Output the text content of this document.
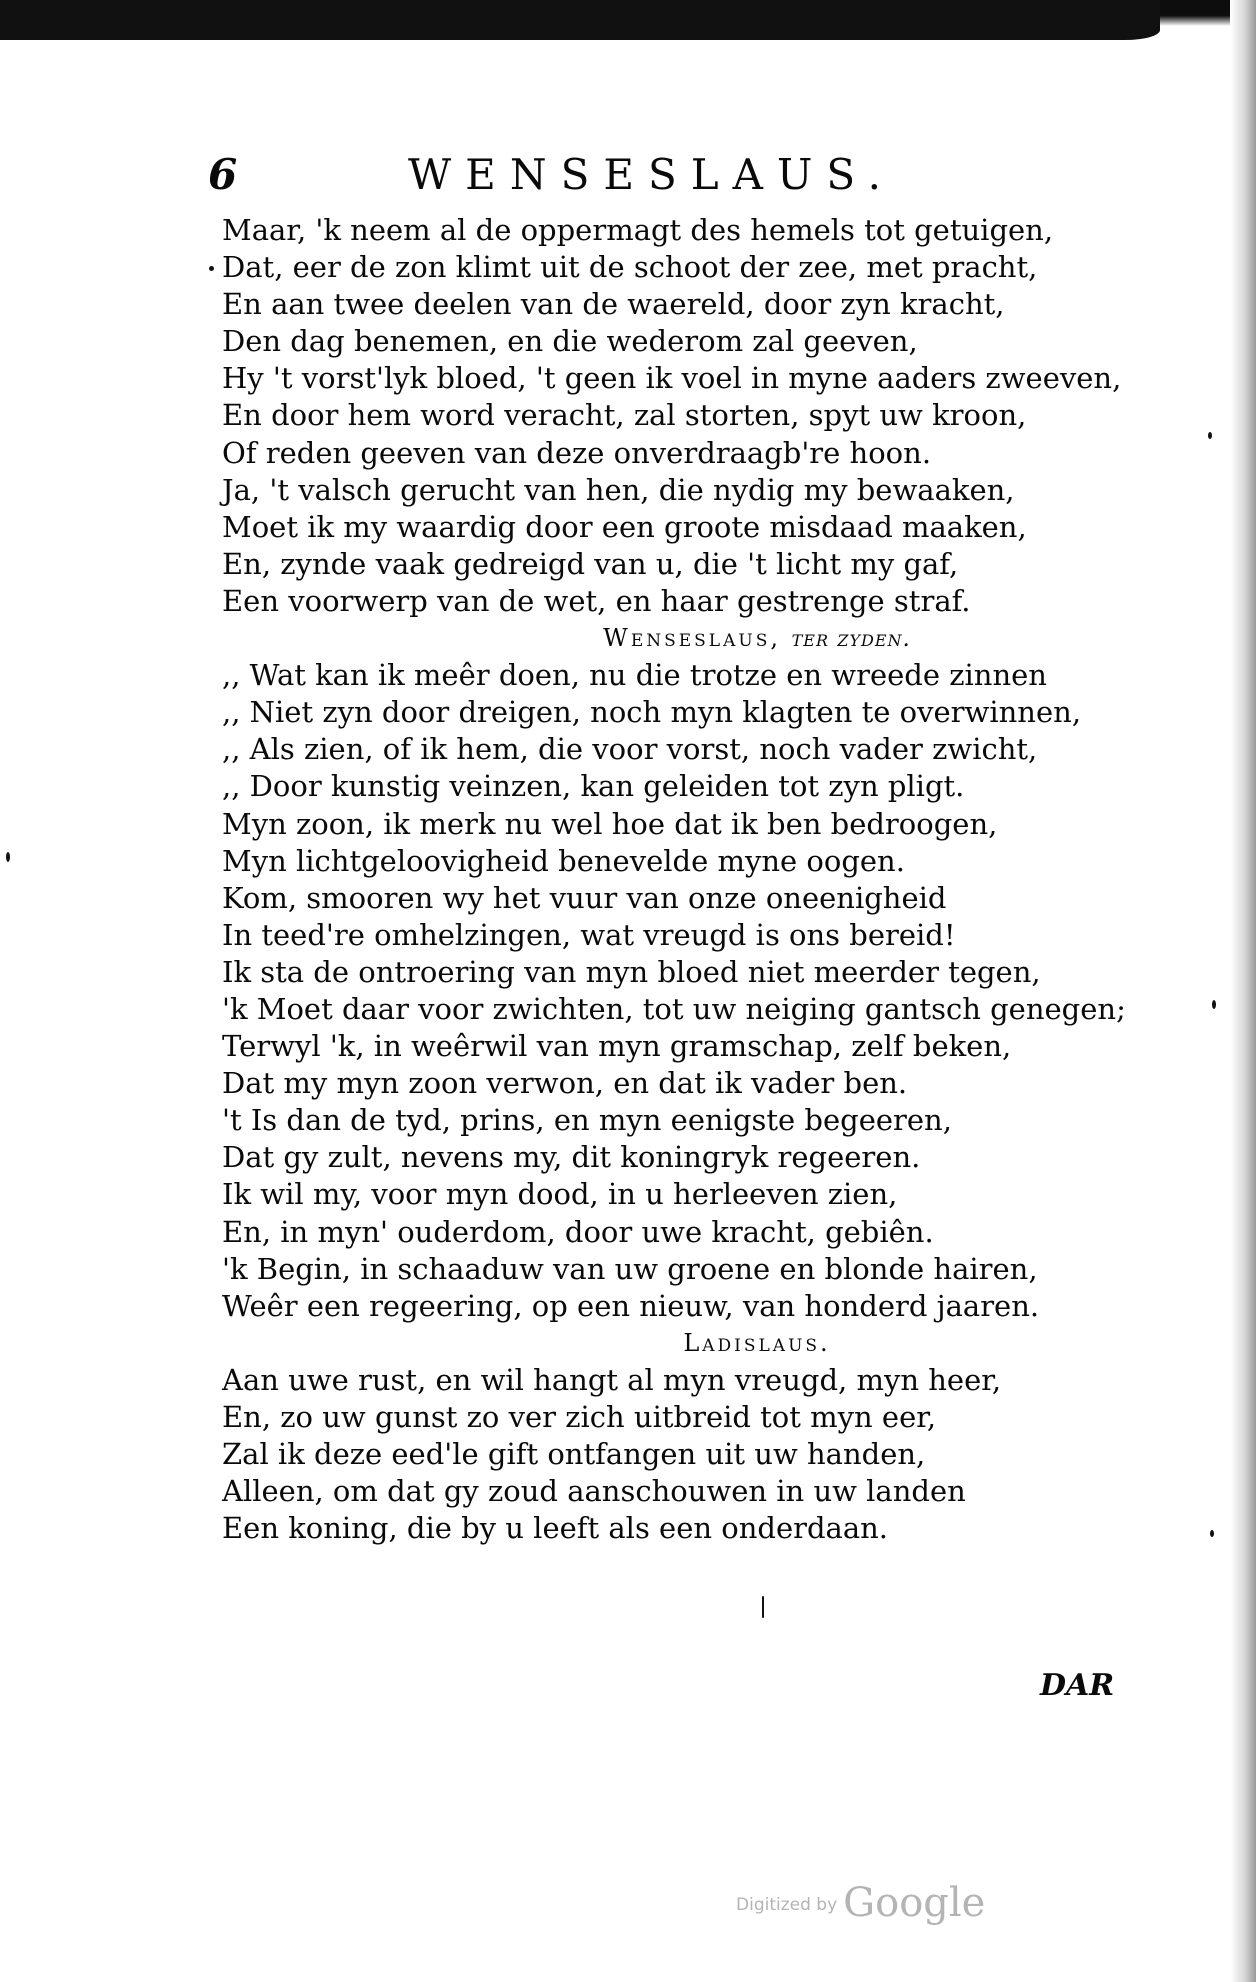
6	WENSESLAUS.
Maar, 'k neem al de oppermagt des hemels tot getuigen,
Dat, eer de zon klimt uit de schoot der zee, met pracht,
En aan twee deelen van de waereld, door zyn kracht,
Den dag benemen, en die wederom zal geeven,
Hy 't vorst'lyk bloed, 't geen ik voel in myne aaders zweeven,
En door hem word veracht, zal storten, spyt uw kroon,
Of reden geeven van deze onverdraagb're hoon.
Ja, 't valsch gerucht van hen, die nydig my bewaaken,
Moet ik my waardig door een groote misdaad maaken,
En, zynde vaak gedreigd van u, die 't licht my gaf,
Een voorwerp van de wet, en haar gestrenge straf.
Wenseslaus, ter zyden.
,, Wat kan ik meêr doen, nu die trotze en wreede zinnen
,, Niet zyn door dreigen, noch myn klagten te overwinnen,
,, Als zien, of ik hem, die voor vorst, noch vader zwicht,
,, Door kunstig veinzen, kan geleiden tot zyn pligt.
Myn zoon, ik merk nu wel hoe dat ik ben bedroogen,
Myn lichtgeloovigheid benevelde myne oogen.
Kom, smooren wy het vuur van onze oneenigheid
In teed're omhelzingen, wat vreugd is ons bereid!
Ik sta de ontroering van myn bloed niet meerder tegen,
'k Moet daar voor zwichten, tot uw neiging gantsch genegen;
Terwyl 'k, in weêrwil van myn gramschap, zelf beken,
Dat my myn zoon verwon, en dat ik vader ben.
't Is dan de tyd, prins, en myn eenigste begeeren,
Dat gy zult, nevens my, dit koningryk regeeren.
Ik wil my, voor myn dood, in u herleeven zien,
En, in myn' ouderdom, door uwe kracht, gebiên.
'k Begin, in schaaduw van uw groene en blonde hairen,
Weêr een regeering, op een nieuw, van honderd jaaren.
Ladislaus.
Aan uwe rust, en wil hangt al myn vreugd, myn heer,
En, zo uw gunst zo ver zich uitbreid tot myn eer,
Zal ik deze eed'le gift ontfangen uit uw handen,
Alleen, om dat gy zoud aanschouwen in uw landen
Een koning, die by u leeft als een onderdaan.
DAR
Digitized by Google
